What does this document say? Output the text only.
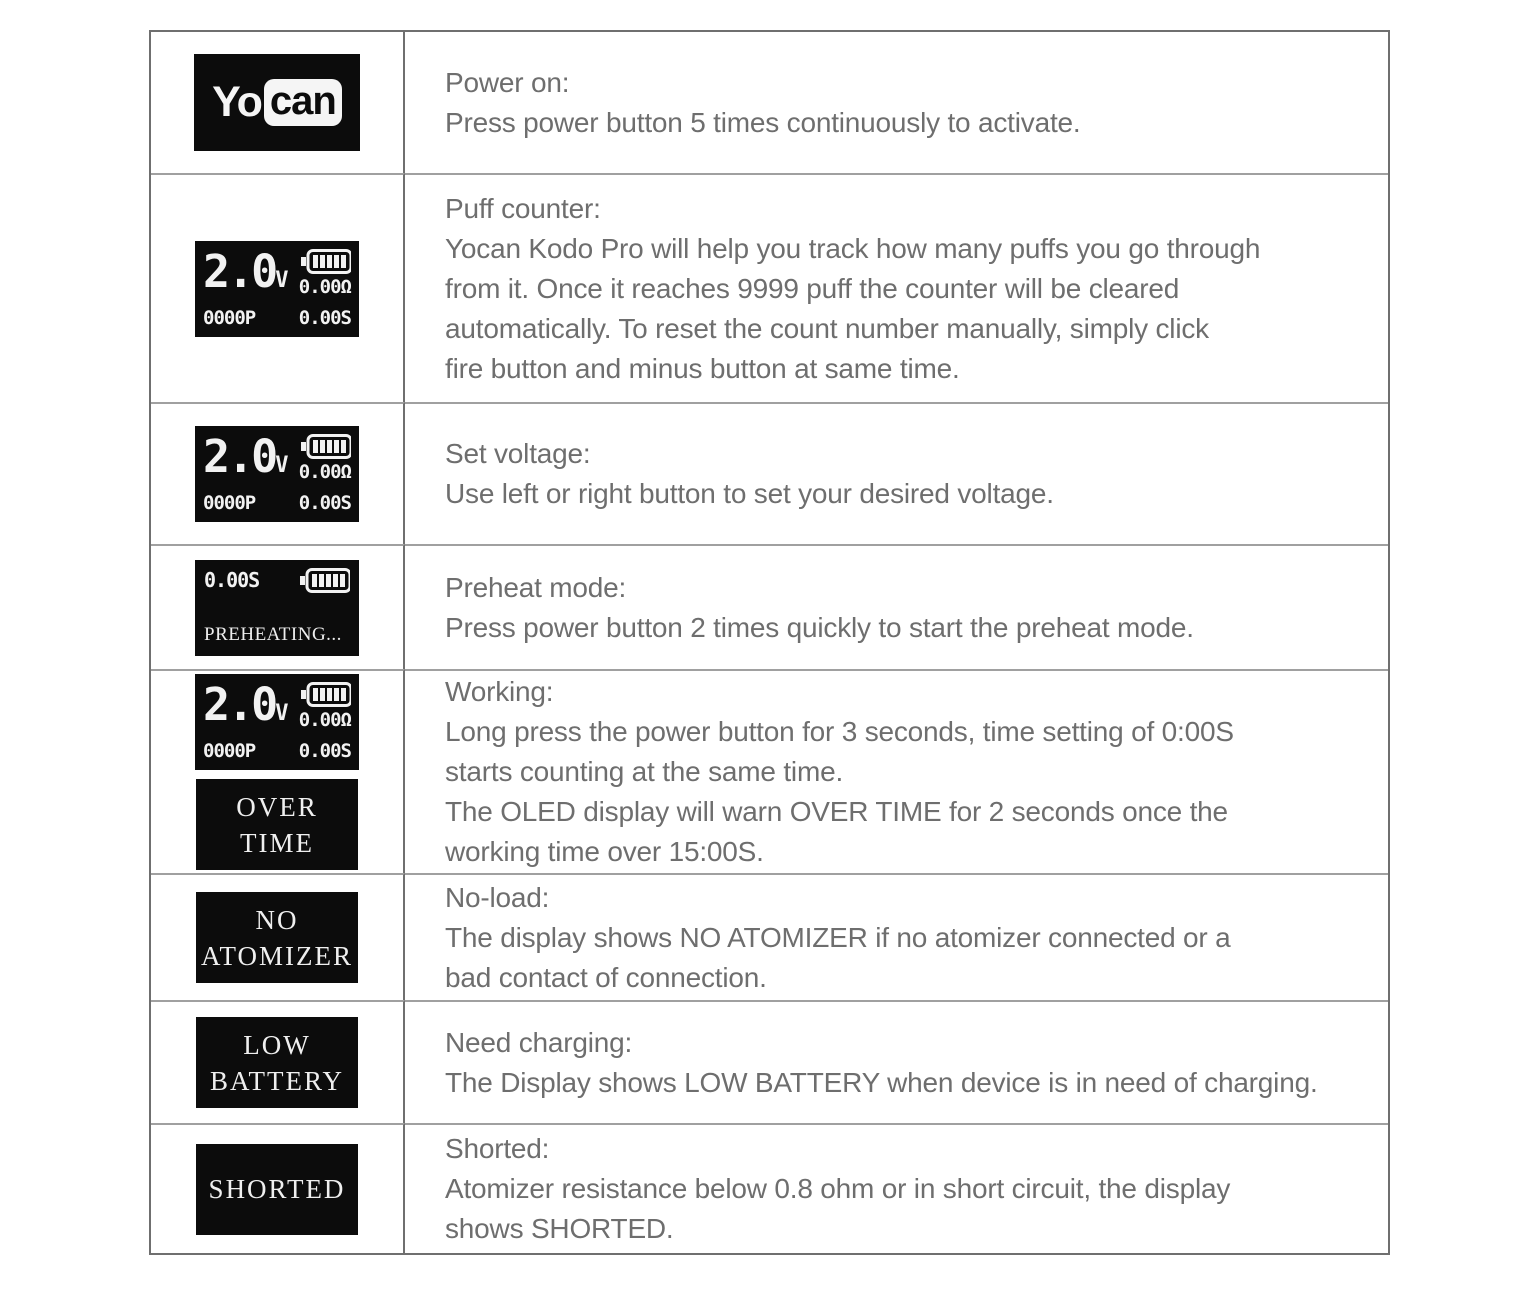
Yo can	Power on:
Press power button 5 times continuously to activate.
2.0V 0.00Ω
0000P 0.00S
Puff counter:
Yocan Kodo Pro will help you track how many puffs you go through
from it. Once it reaches 9999 puff the counter will be cleared
automatically. To reset the count number manually, simply click
fire button and minus button at same time.
2.0V 0.00Ω
0000P 0.00S
Set voltage:
Use left or right button to set your desired voltage.
0.00S
PREHEATING...
Preheat mode:
Press power button 2 times quickly to start the preheat mode.
2.0V 0.00Ω
0000P 0.00S
OVER
TIME
Working:
Long press the power button for 3 seconds, time setting of 0:00S
starts counting at the same time.
The OLED display will warn OVER TIME for 2 seconds once the
working time over 15:00S.
NO
ATOMIZER
No-load:
The display shows NO ATOMIZER if no atomizer connected or a
bad contact of connection.
LOW
BATTERY
Need charging:
The Display shows LOW BATTERY when device is in need of charging.
SHORTED
Shorted:
Atomizer resistance below 0.8 ohm or in short circuit, the display
shows SHORTED.
